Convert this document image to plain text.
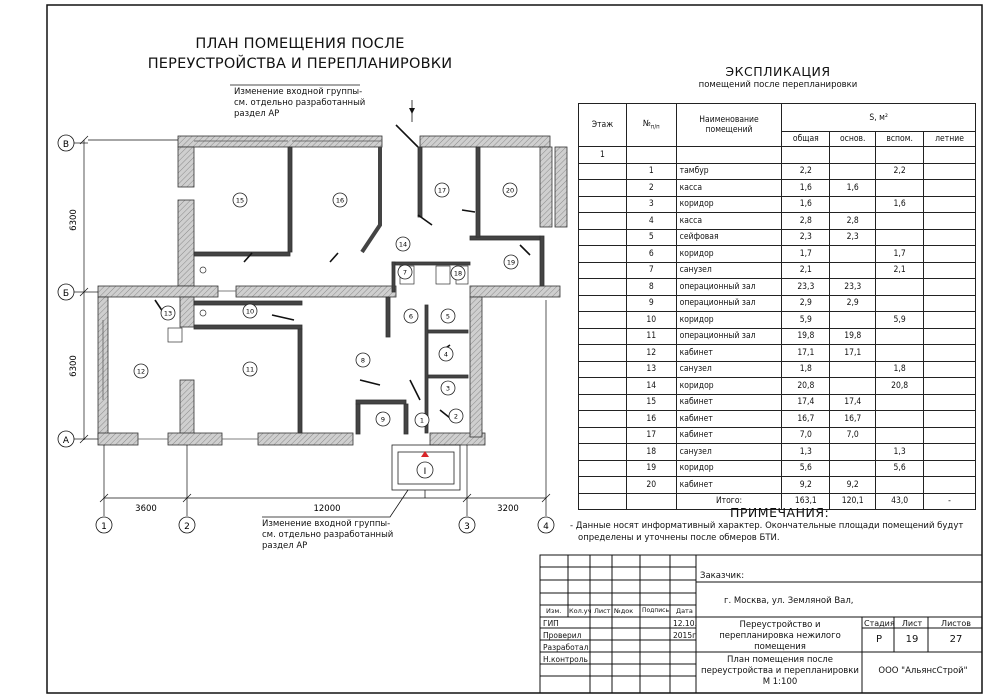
I
В
Б
А
1	2	3	4
6300
6300
3600	12000	3200
1	2
3
4
5
6
7
8
9
10
11
12
13
14
15	16
17
18
19
20
ПЛАН ПОМЕЩЕНИЯ ПОСЛЕ
ПЕРЕУСТРОЙСТВА И ПЕРЕПЛАНИРОВКИ
Изменение входной группы-
см. отдельно разработанный
раздел АР
Изменение входной группы-
см. отдельно разработанный
раздел АР
ЭКСПЛИКАЦИЯ
помещений после перепланировки
Этаж	$№_{п/п}$	Наименование
помещений	S, м²			
			общая	основ.	вспом.	летние
1						
	1	тамбур	2,2		2,2	
	2	касса	1,6	1,6		
	3	коридор	1,6		1,6	
	4	касса	2,8	2,8		
	5	сейфовая	2,3	2,3		
	6	коридор	1,7		1,7	
	7	санузел	2,1		2,1	
	8	операционный зал	23,3	23,3		
	9	операционный зал	2,9	2,9		
	10	коридор	5,9		5,9	
	11	операционный зал	19,8	19,8		
	12	кабинет	17,1	17,1		
	13	санузел	1,8		1,8	
	14	коридор	20,8		20,8	
	15	кабинет	17,4	17,4		
	16	кабинет	16,7	16,7		
	17	кабинет	7,0	7,0		
	18	санузел	1,3		1,3	
	19	коридор	5,6		5,6	
	20	кабинет	9,2	9,2		
		Итого:	163,1	120,1	43,0	-
ПРИМЕЧАНИЯ:
- Данные носят информативный характер. Окончательные площади помещений будут
определены и уточнены после обмеров БТИ.
Заказчик:
г. Москва, ул. Земляной Вал,
Изм. Кол.уч Лист №док Подпись Дата
ГИП
Проверил
Разработал
Н.контроль
12.10.
2015г
Переустройство и
перепланировка нежилого
помещения
Стадия Лист	Листов
Р	19	27
План помещения после
переустройства и перепланировки
М 1:100
ООО "АльянсСтрой"
